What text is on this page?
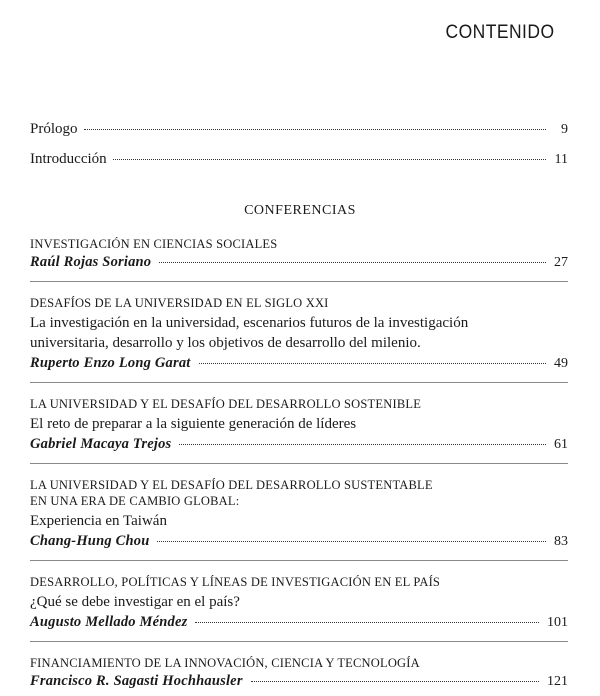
CONTENIDO
Prólogo	9
Introducción	11
CONFERENCIAS
INVESTIGACIÓN EN CIENCIAS SOCIALES
Raúl Rojas Soriano	27
DESAFÍOS DE LA UNIVERSIDAD EN EL SIGLO XXI
La investigación en la universidad, escenarios futuros de la investigación
universitaria, desarrollo y los objetivos de desarrollo del milenio.
Ruperto Enzo Long Garat	49
LA UNIVERSIDAD Y EL DESAFÍO DEL DESARROLLO SOSTENIBLE
El reto de preparar a la siguiente generación de líderes
Gabriel Macaya Trejos	61
LA UNIVERSIDAD Y EL DESAFÍO DEL DESARROLLO SUSTENTABLE
EN UNA ERA DE CAMBIO GLOBAL:
Experiencia en Taiwán
Chang-Hung Chou	83
DESARROLLO, POLÍTICAS Y LÍNEAS DE INVESTIGACIÓN EN EL PAÍS
¿Qué se debe investigar en el país?
Augusto Mellado Méndez	101
FINANCIAMIENTO DE LA INNOVACIÓN, CIENCIA Y TECNOLOGÍA
Francisco R. Sagasti Hochhausler	121
